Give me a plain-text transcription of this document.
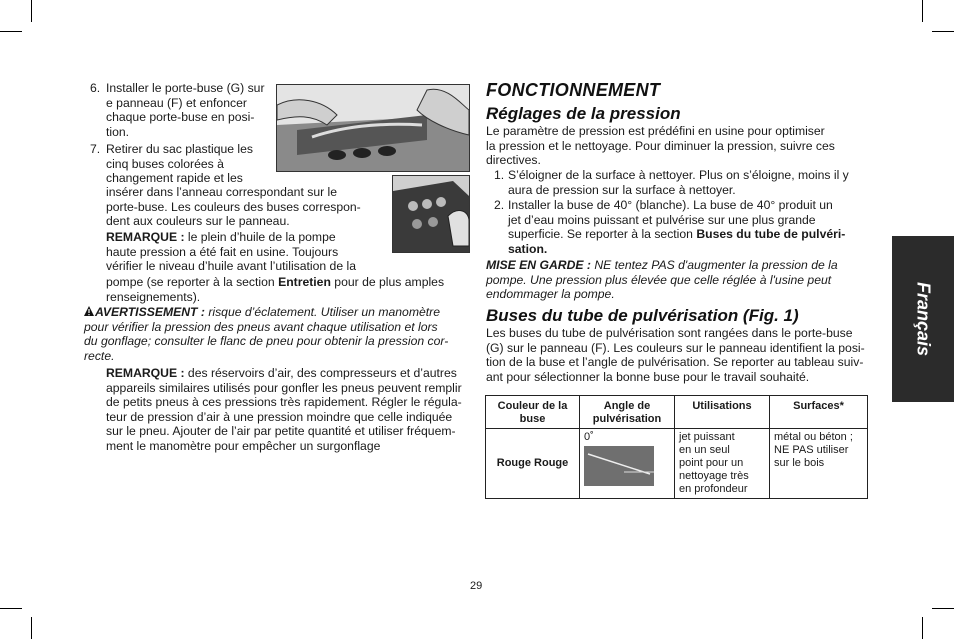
6. Installer le porte-buse (G) sur
e panneau (F) et enfoncer
chaque porte-buse en posi-
tion.

7. Retirer du sac plastique les
cinq buses colorées à
changement rapide et les

insérer dans l’anneau correspondant sur le
porte-buse. Les couleurs des buses correspon-
dent aux couleurs sur le panneau.

REMARQUE : le plein d’huile de la pompe
haute pression a été fait en usine. Toujours
vérifier le niveau d’huile avant l’utilisation de la

pompe (se reporter à la section Entretien pour de plus amples
renseignements).

AVERTISSEMENT : risque d’éclatement. Utiliser un manomètre
pour vérifier la pression des pneus avant chaque utilisation et lors
du gonflage; consulter le flanc de pneu pour obtenir la pression cor-
recte.

REMARQUE : des réservoirs d’air, des compresseurs et d’autres
appareils similaires utilisés pour gonfler les pneus peuvent remplir
de petits pneus à ces pressions très rapidement. Régler le régula-
teur de pression d’air à une pression moindre que celle indiquée
sur le pneu. Ajouter de l’air par petite quantité et utiliser fréquem-
ment le manomètre pour empêcher un surgonflage

FONCTIONNEMENT
Réglages de la pression

Le paramètre de pression est prédéfini en usine pour optimiser
la pression et le nettoyage. Pour diminuer la pression, suivre ces
directives.

1. S’éloigner de la surface à nettoyer. Plus on s’éloigne, moins il y
aura de pression sur la surface à nettoyer.

2. Installer la buse de 40° (blanche). La buse de 40° produit un
jet d’eau moins puissant et pulvérise sur une plus grande
superficie. Se reporter à la section Buses du tube de pulvéri-
sation.

MISE EN GARDE : NE tentez PAS d'augmenter la pression de la
pompe. Une pression plus élevée que celle réglée à l'usine peut
endommager la pompe.

Buses du tube de pulvérisation (Fig. 1)

Les buses du tube de pulvérisation sont rangées dans le porte-buse
(G) sur le panneau (F). Les couleurs sur le panneau identifient la posi-
tion de la buse et l’angle de pulvérisation. Se reporter au tableau suiv-
ant pour sélectionner la bonne buse pour le travail souhaité.

Couleur de la buse	Angle de pulvérisation	Utilisations	Surfaces*
Rouge Rouge	0˚	jet puissant
en un seul
point pour un
nettoyage très
en profondeur	métal ou béton ;
NE PAS utiliser
sur le bois
Français
29
